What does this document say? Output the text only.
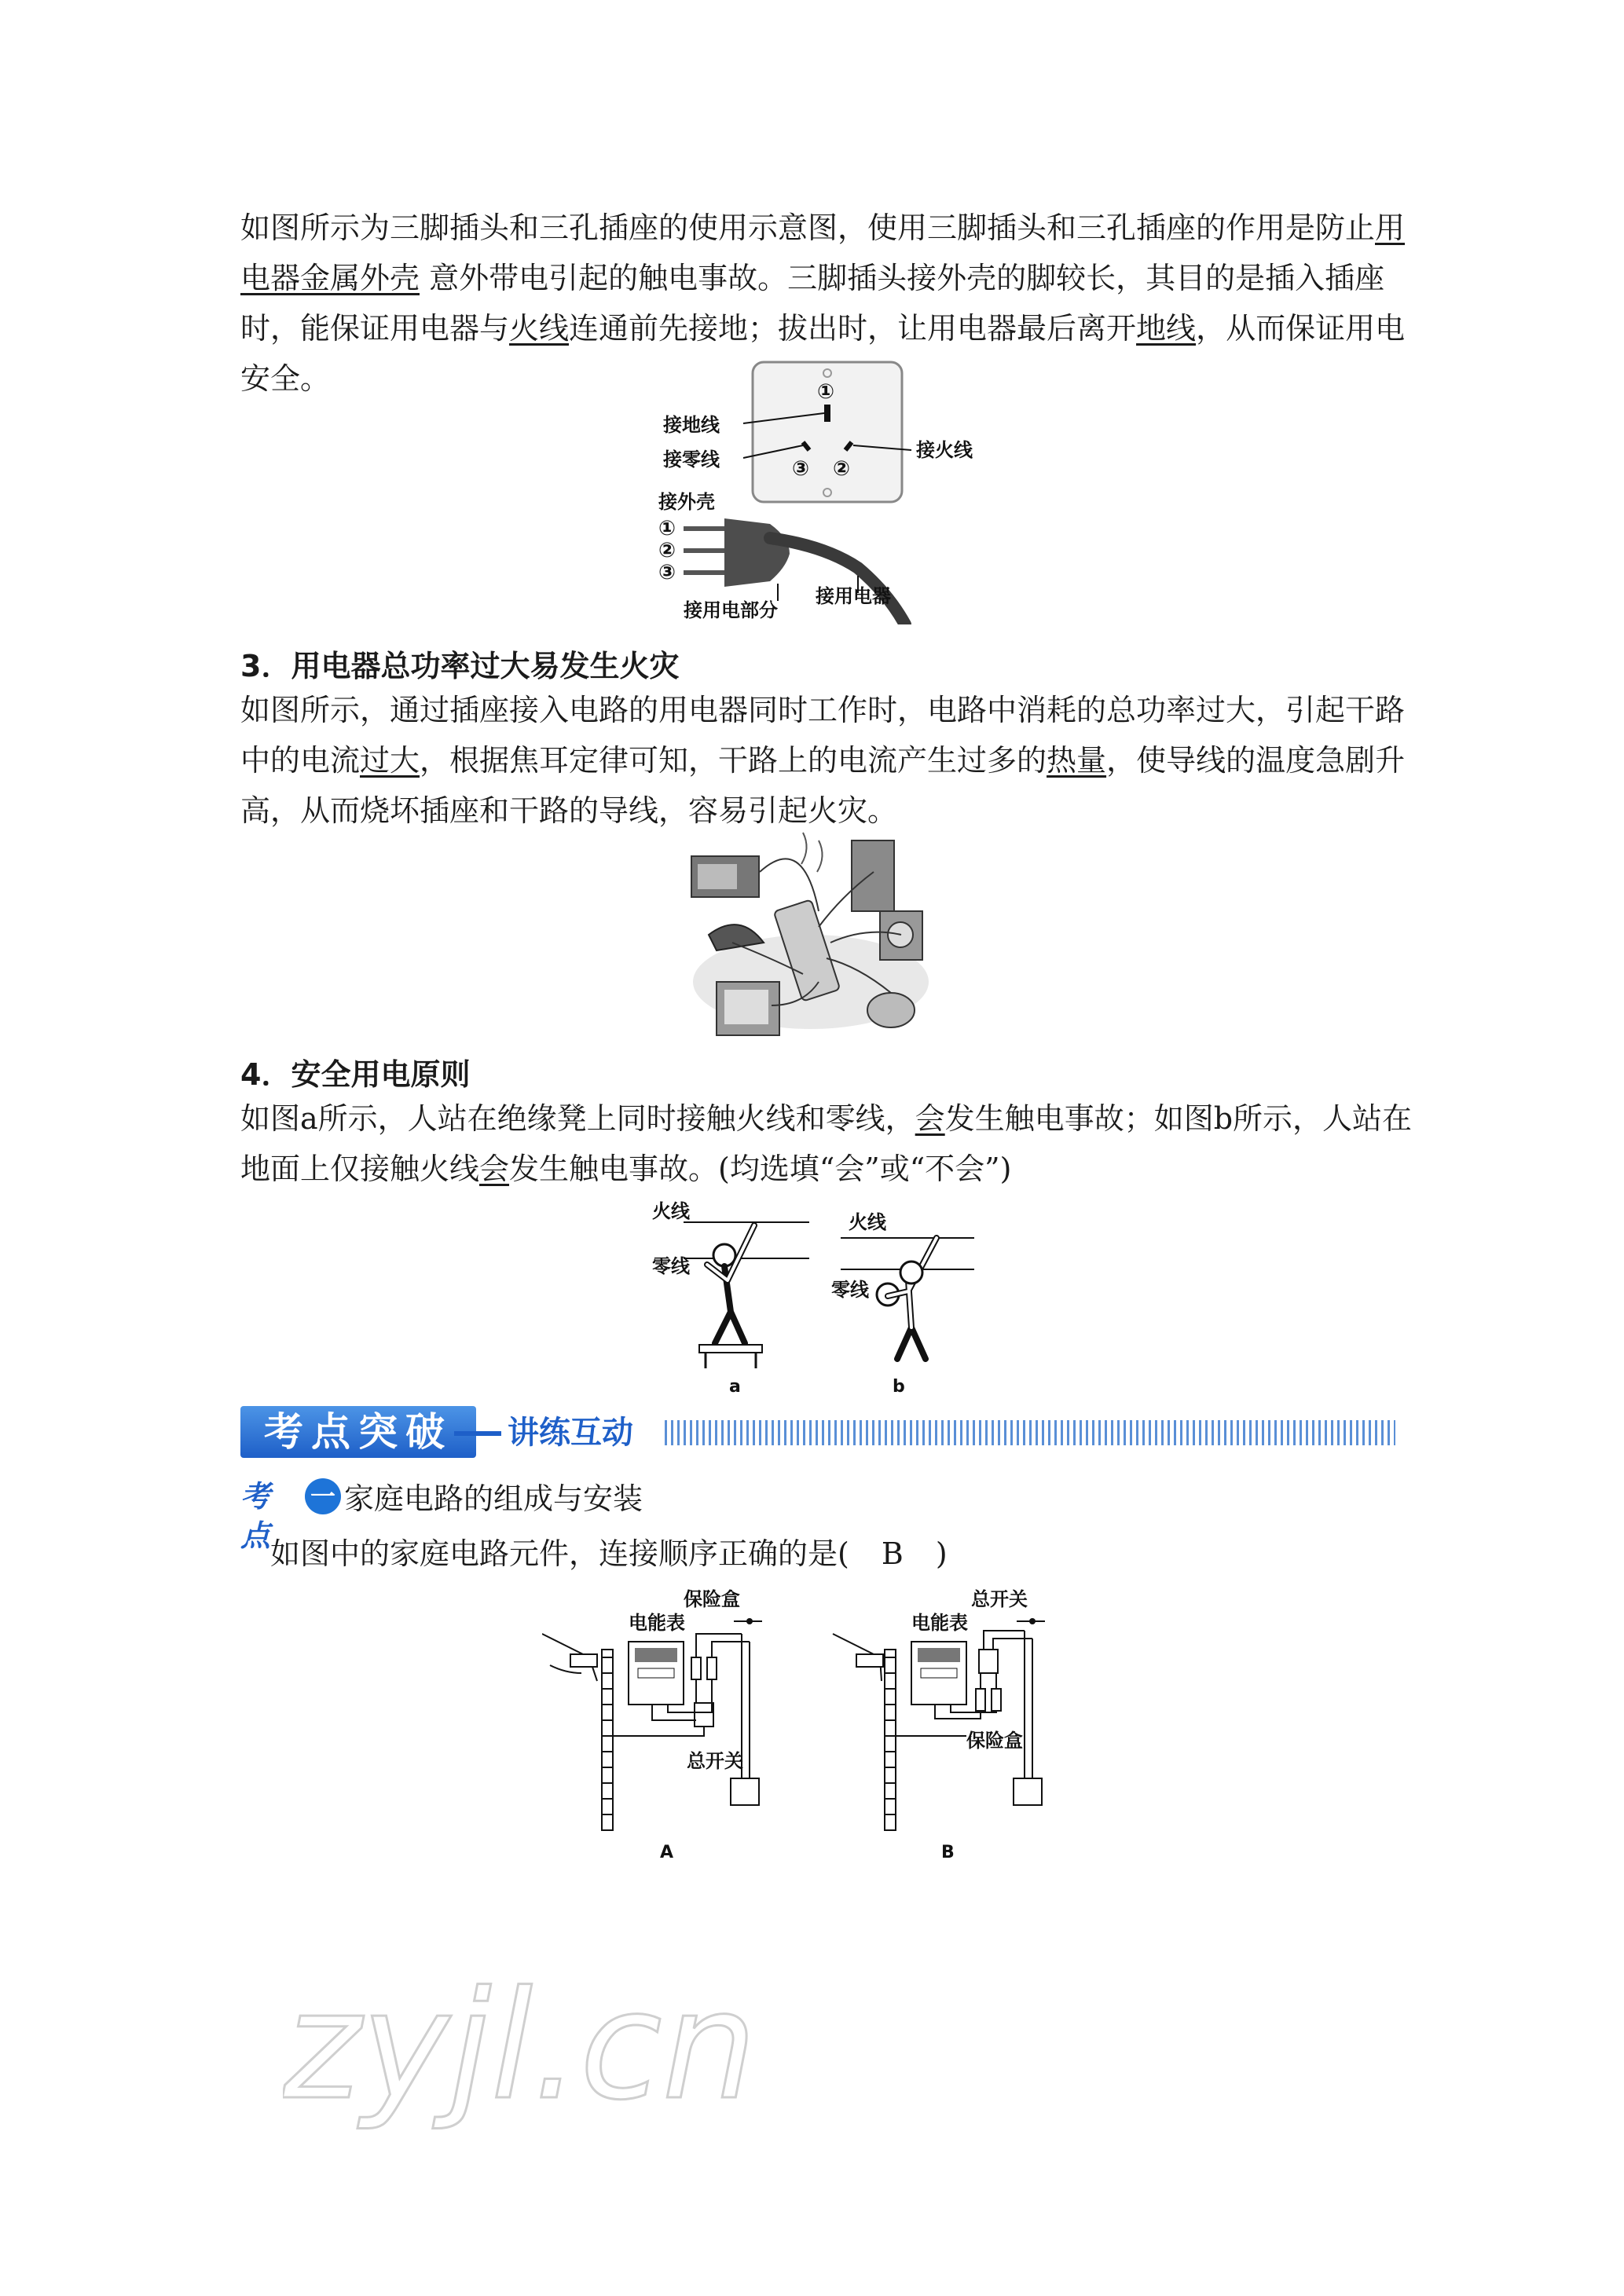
如图所示为三脚插头和三孔插座的使用示意图，使用三脚插头和三孔插座的作用是防止用电器金属外壳 意外带电引起的触电事故。三脚插头接外壳的脚较长，其目的是插入插座时，能保证用电器与火线连通前先接地；拔出时，让用电器最后离开地线，从而保证用电安全。	①
③ ②
接地线
接零线	接火线
接外壳
①
②
③
接用电部分
接用电器
3．用电器总功率过大易发生火灾

如图所示，通过插座接入电路的用电器同时工作时，电路中消耗的总功率过大，引起干路中的电流过大，根据焦耳定律可知，干路上的电流产生过多的热量，使导线的温度急剧升高，从而烧坏插座和干路的导线，容易引起火灾。

4．安全用电原则

如图a所示，人站在绝缘凳上同时接触火线和零线，会发生触电事故；如图b所示，人站在地面上仅接触火线会发生触电事故。(均选填“会”或“不会”)

火线
零线
a
火线
零线
b
考点突破	讲练互动
考点
一 家庭电路的组成与安装
如图中的家庭电路元件，连接顺序正确的是( B )
电能表
保险盒
总开关
A
电能表
总开关
保险盒
B
zyjl.cn
